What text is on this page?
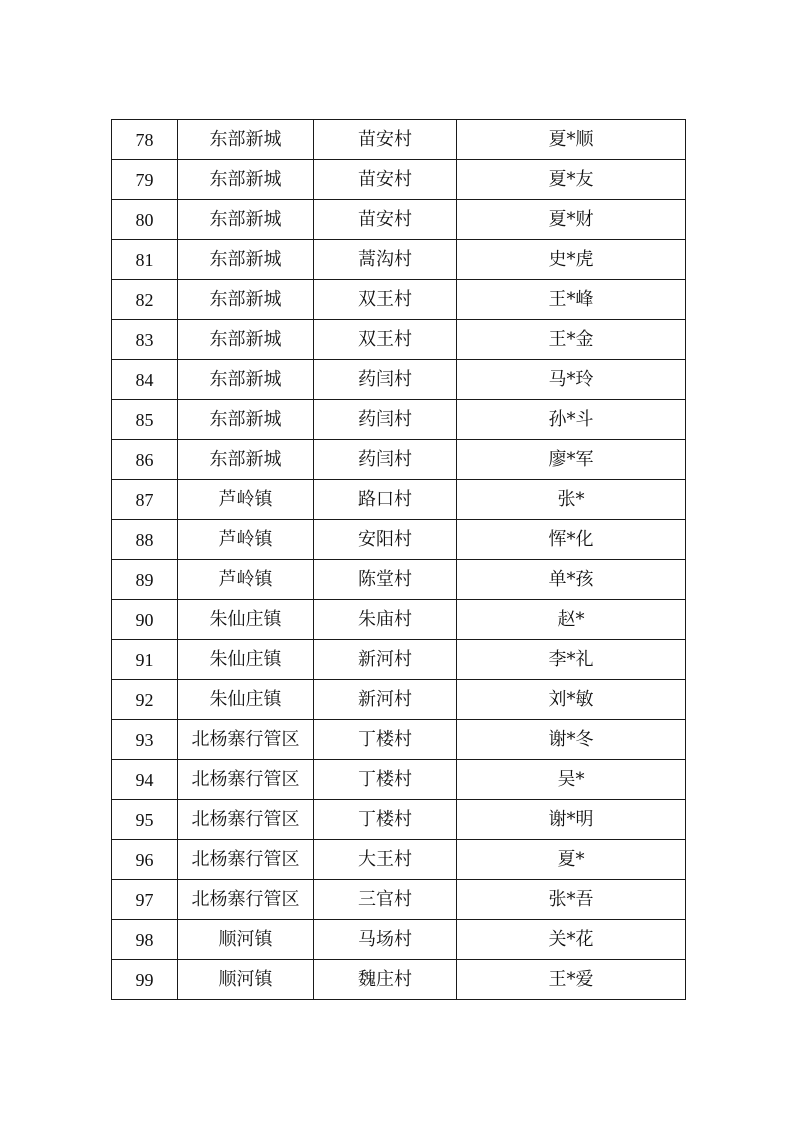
78	东部新城	苗安村	夏*顺
79	东部新城	苗安村	夏*友
80	东部新城	苗安村	夏*财
81	东部新城	蒿沟村	史*虎
82	东部新城	双王村	王*峰
83	东部新城	双王村	王*金
84	东部新城	药闫村	马*玲
85	东部新城	药闫村	孙*斗
86	东部新城	药闫村	廖*军
87	芦岭镇	路口村	张*
88	芦岭镇	安阳村	恽*化
89	芦岭镇	陈堂村	单*孩
90	朱仙庄镇	朱庙村	赵*
91	朱仙庄镇	新河村	李*礼
92	朱仙庄镇	新河村	刘*敏
93	北杨寨行管区	丁楼村	谢*冬
94	北杨寨行管区	丁楼村	吴*
95	北杨寨行管区	丁楼村	谢*明
96	北杨寨行管区	大王村	夏*
97	北杨寨行管区	三官村	张*吾
98	顺河镇	马场村	关*花
99	顺河镇	魏庄村	王*爱
